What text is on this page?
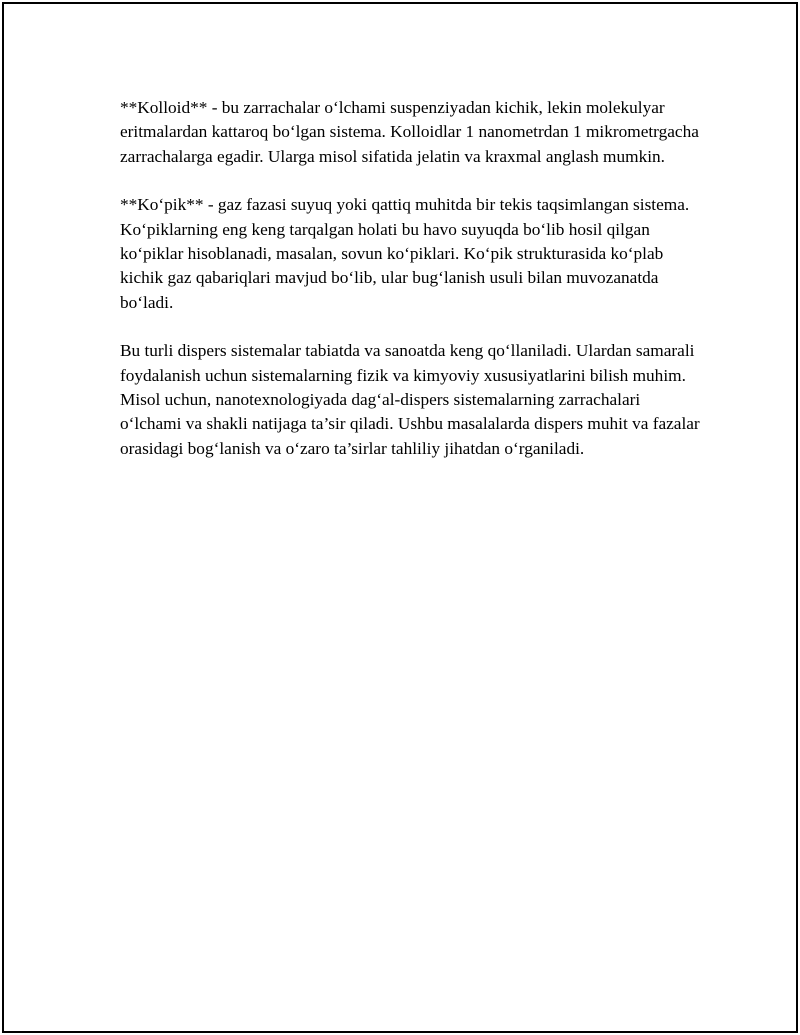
**Kolloid** - bu zarrachalar o‘lchami suspenziyadan kichik, lekin molekulyar eritmalardan kattaroq bo‘lgan sistema. Kolloidlar 1 nanometrdan 1 mikrometrgacha zarrachalarga egadir. Ularga misol sifatida jelatin va kraxmal anglash mumkin.

**Ko‘pik** - gaz fazasi suyuq yoki qattiq muhitda bir tekis taqsimlangan sistema. Ko‘piklarning eng keng tarqalgan holati bu havo suyuqda bo‘lib hosil qilgan ko‘piklar hisoblanadi, masalan, sovun ko‘piklari. Ko‘pik strukturasida ko‘plab kichik gaz qabariqlari mavjud bo‘lib, ular bug‘lanish usuli bilan muvozanatda bo‘ladi.

Bu turli dispers sistemalar tabiatda va sanoatda keng qo‘llaniladi. Ulardan samarali foydalanish uchun sistemalarning fizik va kimyoviy xususiyatlarini bilish muhim. Misol uchun, nanotexnologiyada dag‘al-dispers sistemalarning zarrachalari o‘lchami va shakli natijaga ta’sir qiladi. Ushbu masalalarda dispers muhit va fazalar orasidagi bog‘lanish va o‘zaro ta’sirlar tahliliy jihatdan o‘rganiladi.
